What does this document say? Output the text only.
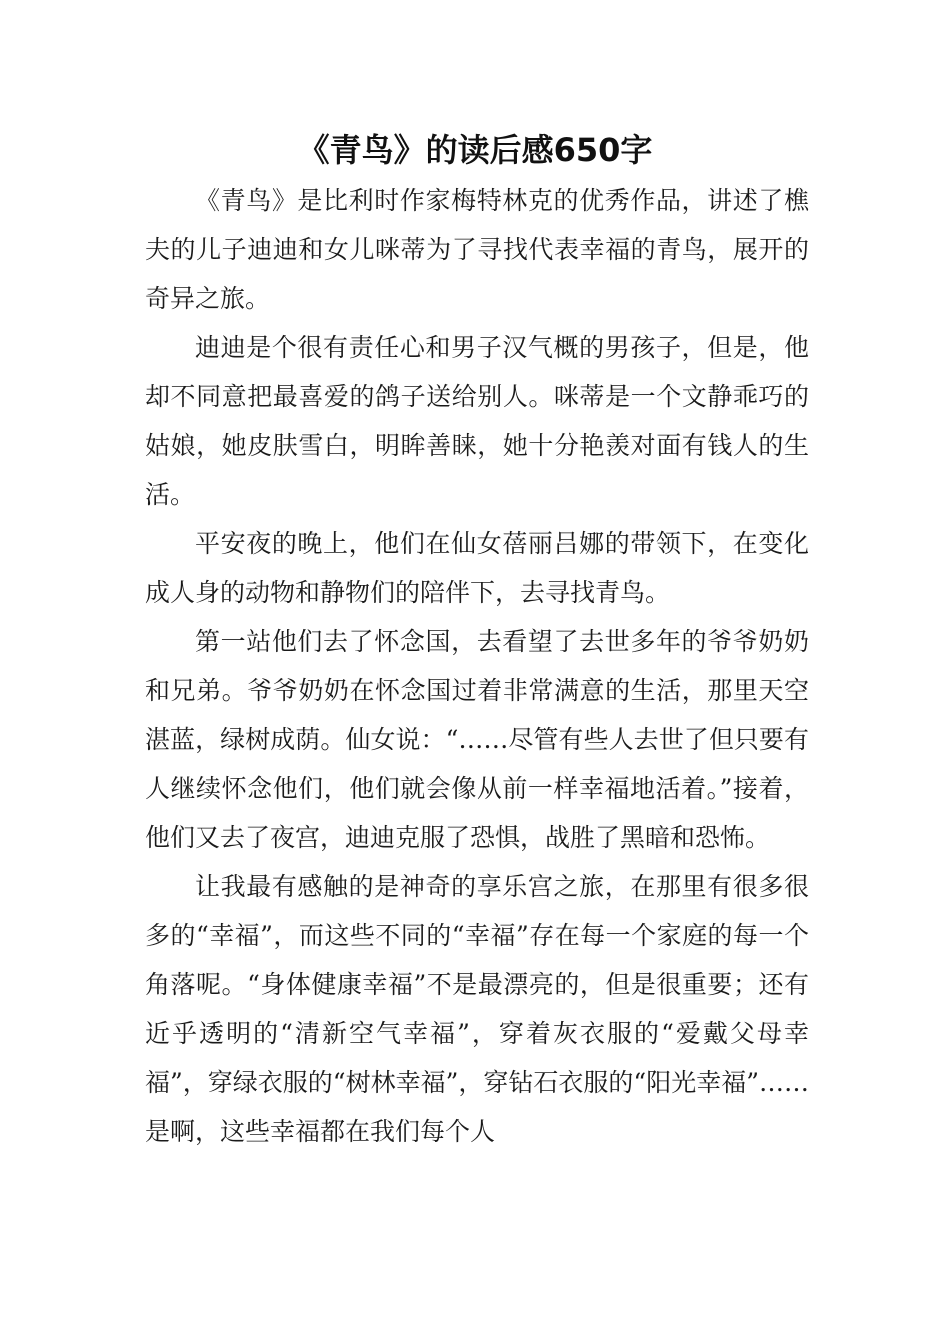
《青鸟》的读后感650字

《青鸟》是比利时作家梅特林克的优秀作品，讲述了樵夫的儿子迪迪和女儿咪蒂为了寻找代表幸福的青鸟，展开的奇异之旅。

迪迪是个很有责任心和男子汉气概的男孩子，但是，他却不同意把最喜爱的鸽子送给别人。咪蒂是一个文静乖巧的姑娘，她皮肤雪白，明眸善睐，她十分艳羡对面有钱人的生活。

平安夜的晚上，他们在仙女蓓丽吕娜的带领下，在变化成人身的动物和静物们的陪伴下，去寻找青鸟。

第一站他们去了怀念国，去看望了去世多年的爷爷奶奶和兄弟。爷爷奶奶在怀念国过着非常满意的生活，那里天空湛蓝，绿树成荫。仙女说：“……尽管有些人去世了但只要有人继续怀念他们，他们就会像从前一样幸福地活着。”接着，他们又去了夜宫，迪迪克服了恐惧，战胜了黑暗和恐怖。

让我最有感触的是神奇的享乐宫之旅，在那里有很多很多的“幸福”，而这些不同的“幸福”存在每一个家庭的每一个角落呢。“身体健康幸福”不是最漂亮的，但是很重要；还有近乎透明的“清新空气幸福”，穿着灰衣服的“爱戴父母幸福”，穿绿衣服的“树林幸福”，穿钻石衣服的“阳光幸福”……是啊，这些幸福都在我们每个人
